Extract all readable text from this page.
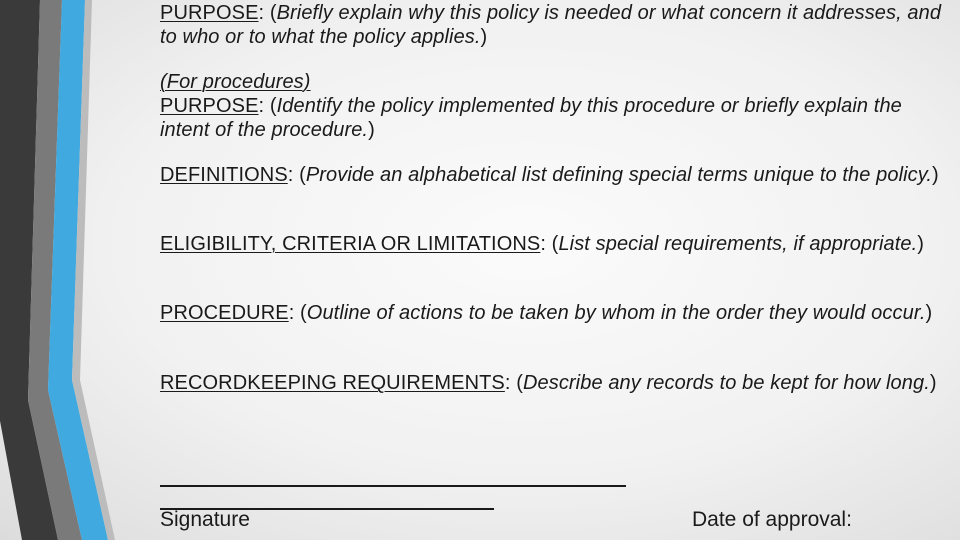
PURPOSE: (Briefly explain why this policy is needed or what concern it addresses, and to who or to what the policy applies.)
(For procedures)
PURPOSE: (Identify the policy implemented by this procedure or briefly explain the intent of the procedure.)
DEFINITIONS: (Provide an alphabetical list defining special terms unique to the policy.)
ELIGIBILITY, CRITERIA OR LIMITATIONS: (List special requirements, if appropriate.)
PROCEDURE: (Outline of actions to be taken by whom in the order they would occur.)
RECORDKEEPING REQUIREMENTS: (Describe any records to be kept for how long.)
Signature	Date of approval:
